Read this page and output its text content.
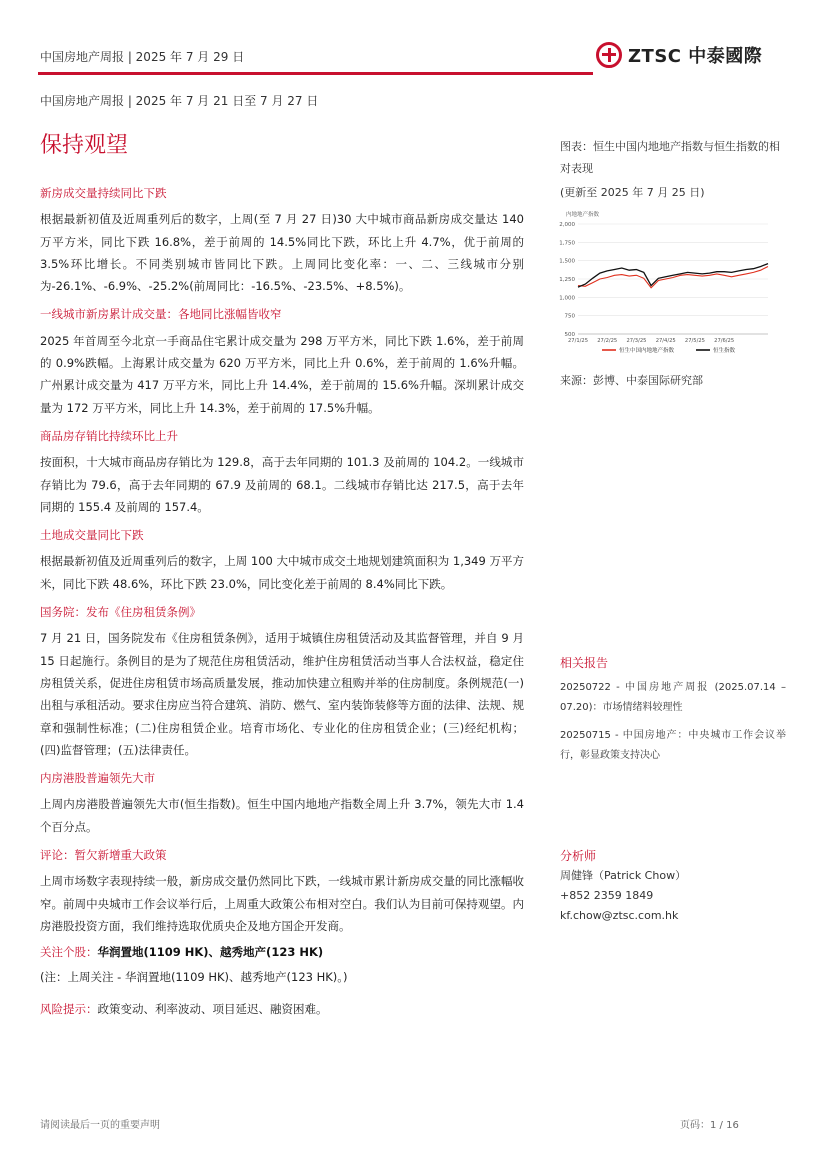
中国房地产周报 | 2025 年 7 月 29 日	ZTSC 中泰國際
中国房地产周报 | 2025 年 7 月 21 日至 7 月 27 日
保持观望
新房成交量持续同比下跌

根据最新初值及近周重列后的数字，上周(至 7 月 27 日)30 大中城市商品新房成交量达 140 万平方米，同比下跌 16.8%，差于前周的 14.5%同比下跌，环比上升 4.7%，优于前周的 3.5%环比增长。不同类别城市皆同比下跌。上周同比变化率：一、二、三线城市分别为-26.1%、-6.9%、-25.2%(前周同比：-16.5%、-23.5%、+8.5%)。

一线城市新房累计成交量：各地同比涨幅皆收窄

2025 年首周至今北京一手商品住宅累计成交量为 298 万平方米，同比下跌 1.6%，差于前周的 0.9%跌幅。上海累计成交量为 620 万平方米，同比上升 0.6%，差于前周的 1.6%升幅。广州累计成交量为 417 万平方米，同比上升 14.4%，差于前周的 15.6%升幅。深圳累计成交量为 172 万平方米，同比上升 14.3%，差于前周的 17.5%升幅。

商品房存销比持续环比上升

按面积，十大城市商品房存销比为 129.8，高于去年同期的 101.3 及前周的 104.2。一线城市存销比为 79.6，高于去年同期的 67.9 及前周的 68.1。二线城市存销比达 217.5，高于去年同期的 155.4 及前周的 157.4。

土地成交量同比下跌

根据最新初值及近周重列后的数字，上周 100 大中城市成交土地规划建筑面积为 1,349 万平方米，同比下跌 48.6%，环比下跌 23.0%，同比变化差于前周的 8.4%同比下跌。

国务院：发布《住房租赁条例》

7 月 21 日，国务院发布《住房租赁条例》，适用于城镇住房租赁活动及其监督管理，并自 9 月 15 日起施行。条例目的是为了规范住房租赁活动，维护住房租赁活动当事人合法权益，稳定住房租赁关系，促进住房租赁市场高质量发展，推动加快建立租购并举的住房制度。条例规范(一)出租与承租活动。要求住房应当符合建筑、消防、燃气、室内装饰装修等方面的法律、法规、规章和强制性标准；(二)住房租赁企业。培育市场化、专业化的住房租赁企业；(三)经纪机构；(四)监督管理；(五)法律责任。

内房港股普遍领先大市

上周内房港股普遍领先大市(恒生指数)。恒生中国内地地产指数全周上升 3.7%，领先大市 1.4 个百分点。

评论：暂欠新增重大政策

上周市场数字表现持续一般，新房成交量仍然同比下跌，一线城市累计新房成交量的同比涨幅收窄。前周中央城市工作会议举行后，上周重大政策公布相对空白。我们认为目前可保持观望。内房港股投资方面，我们维持选取优质央企及地方国企开发商。

关注个股：华润置地(1109 HK)、越秀地产(123 HK)
(注：上周关注 - 华润置地(1109 HK)、越秀地产(123 HK)。)
风险提示：政策变动、利率波动、项目延迟、融资困难。
图表：恒生中国内地地产指数与恒生指数的相对表现
(更新至 2025 年 7 月 25 日)
内地地产指数
500
750
1,000
1,250
1,500
1,750
2,000
27/1/25 27/2/25 27/3/25 27/4/25 27/5/25 27/6/25
恒生中国内地地产指数	恒生指数
来源：彭博、中泰国际研究部
相关报告
20250722 - 中国房地产周报 (2025.07.14 – 07.20)：市场情绪料较理性
20250715 - 中国房地产：中央城市工作会议举行，彰显政策支持决心
分析师
周健锋（Patrick Chow）
+852 2359 1849
kf.chow@ztsc.com.hk
请阅读最后一页的重要声明	页码：1 / 16
